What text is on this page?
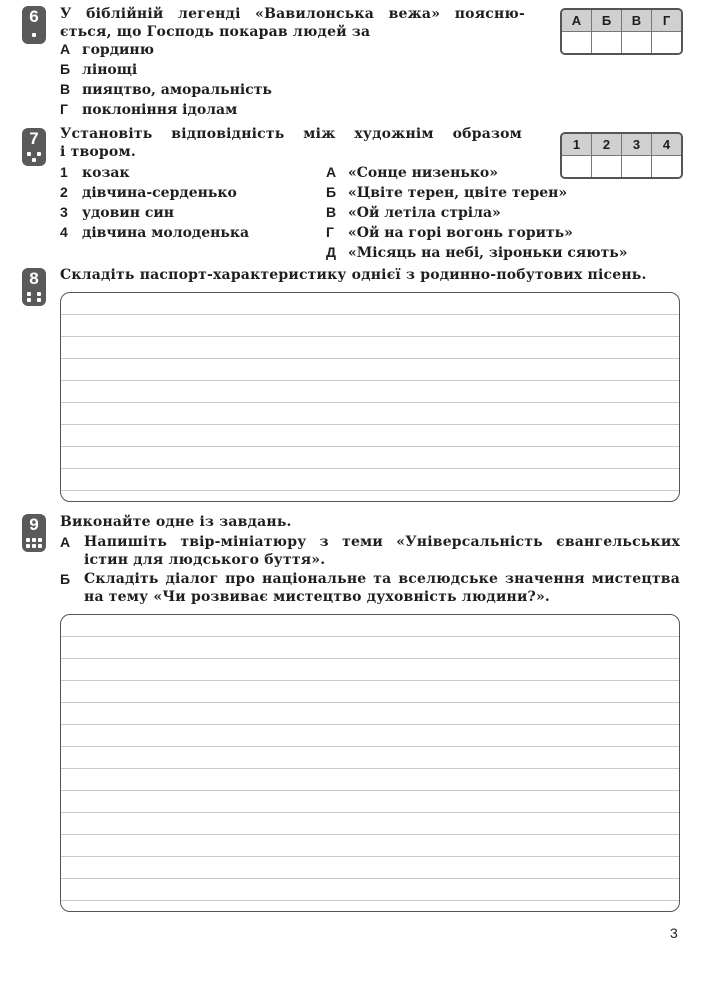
6	У біблійній легенді «Вавилонська вежа» поясню-
ється, що Господь покарав людей за
А гординю
Б лінощі
В пияцтво, аморальність
Г поклоніння ідолам
А	Б	В	Г
7	Установіть відповідність між художнім образом
і твором.	1	2	3	4
1 козак
2 дівчина-серденько
3 удовин син
4 дівчина молоденька
А «Сонце низенько»
Б «Цвіте терен, цвіте терен»
В «Ой летіла стріла»
Г «Ой на горі вогонь горить»
Д «Місяць на небі, зіроньки сяють»
8	Складіть паспорт-характеристику однієї з родинно-побутових пісень.
9	Виконайте одне із завдань.
А Напишіть твір-мініатюру з теми «Універсальність євангельських
істин для людського буття».
Б Складіть діалог про національне та вселюдське значення мистецтва
на тему «Чи розвиває мистецтво духовність людини?».
3
